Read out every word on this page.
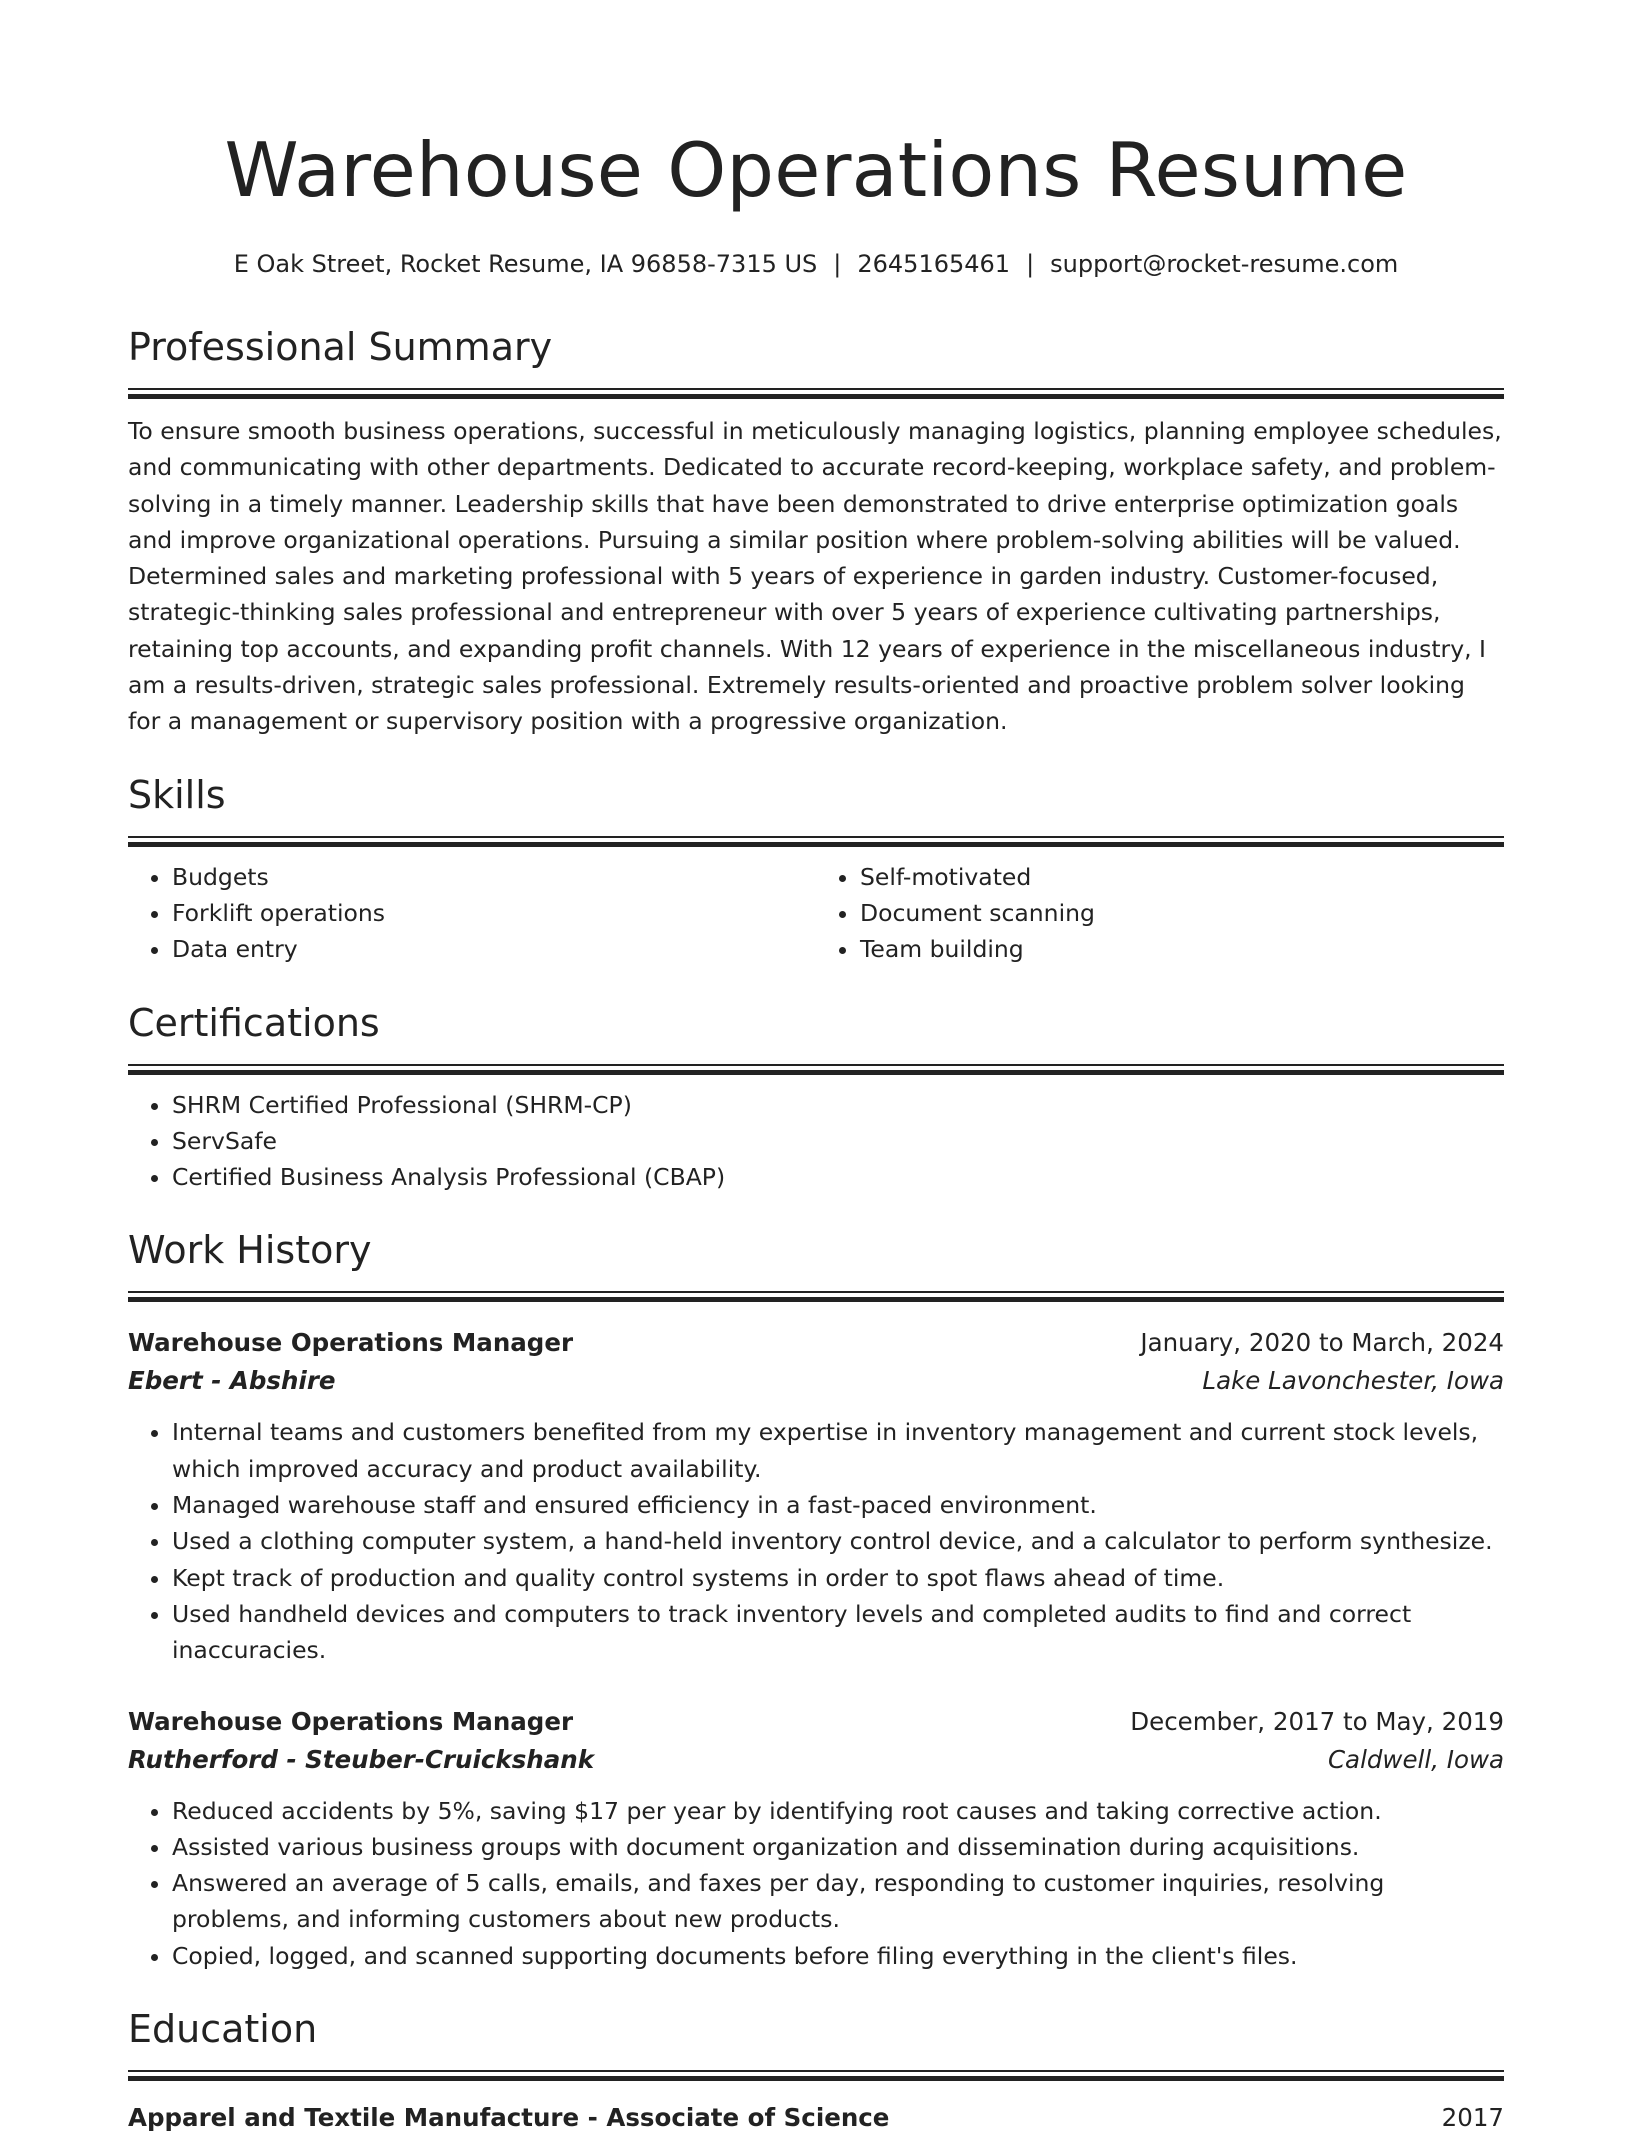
Warehouse Operations Resume
E Oak Street, Rocket Resume, IA 96858-7315 US | 2645165461 | support@rocket-resume.com
Professional Summary
To ensure smooth business operations, successful in meticulously managing logistics, planning employee schedules, and communicating with other departments. Dedicated to accurate record-keeping, workplace safety, and problem-solving in a timely manner. Leadership skills that have been demonstrated to drive enterprise optimization goals and improve organizational operations. Pursuing a similar position where problem-solving abilities will be valued. Determined sales and marketing professional with 5 years of experience in garden industry. Customer-focused, strategic-thinking sales professional and entrepreneur with over 5 years of experience cultivating partnerships, retaining top accounts, and expanding profit channels. With 12 years of experience in the miscellaneous industry, I am a results-driven, strategic sales professional. Extremely results-oriented and proactive problem solver looking for a management or supervisory position with a progressive organization.
Skills
• Budgets
• Forklift operations
• Data entry
• Self-motivated
• Document scanning
• Team building
Certifications
• SHRM Certified Professional (SHRM-CP)
• ServSafe
• Certified Business Analysis Professional (CBAP)
Work History
Warehouse Operations Manager	January, 2020 to March, 2024
Ebert - Abshire	Lake Lavonchester, Iowa
• Internal teams and customers benefited from my expertise in inventory management and current stock levels, which improved accuracy and product availability.
• Managed warehouse staff and ensured efficiency in a fast-paced environment.
• Used a clothing computer system, a hand-held inventory control device, and a calculator to perform synthesize.
• Kept track of production and quality control systems in order to spot flaws ahead of time.
• Used handheld devices and computers to track inventory levels and completed audits to find and correct inaccuracies.
Warehouse Operations Manager	December, 2017 to May, 2019
Rutherford - Steuber-Cruickshank	Caldwell, Iowa
• Reduced accidents by 5%, saving $17 per year by identifying root causes and taking corrective action.
• Assisted various business groups with document organization and dissemination during acquisitions.
• Answered an average of 5 calls, emails, and faxes per day, responding to customer inquiries, resolving problems, and informing customers about new products.
• Copied, logged, and scanned supporting documents before filing everything in the client's files.
Education
Apparel and Textile Manufacture - Associate of Science	2017
